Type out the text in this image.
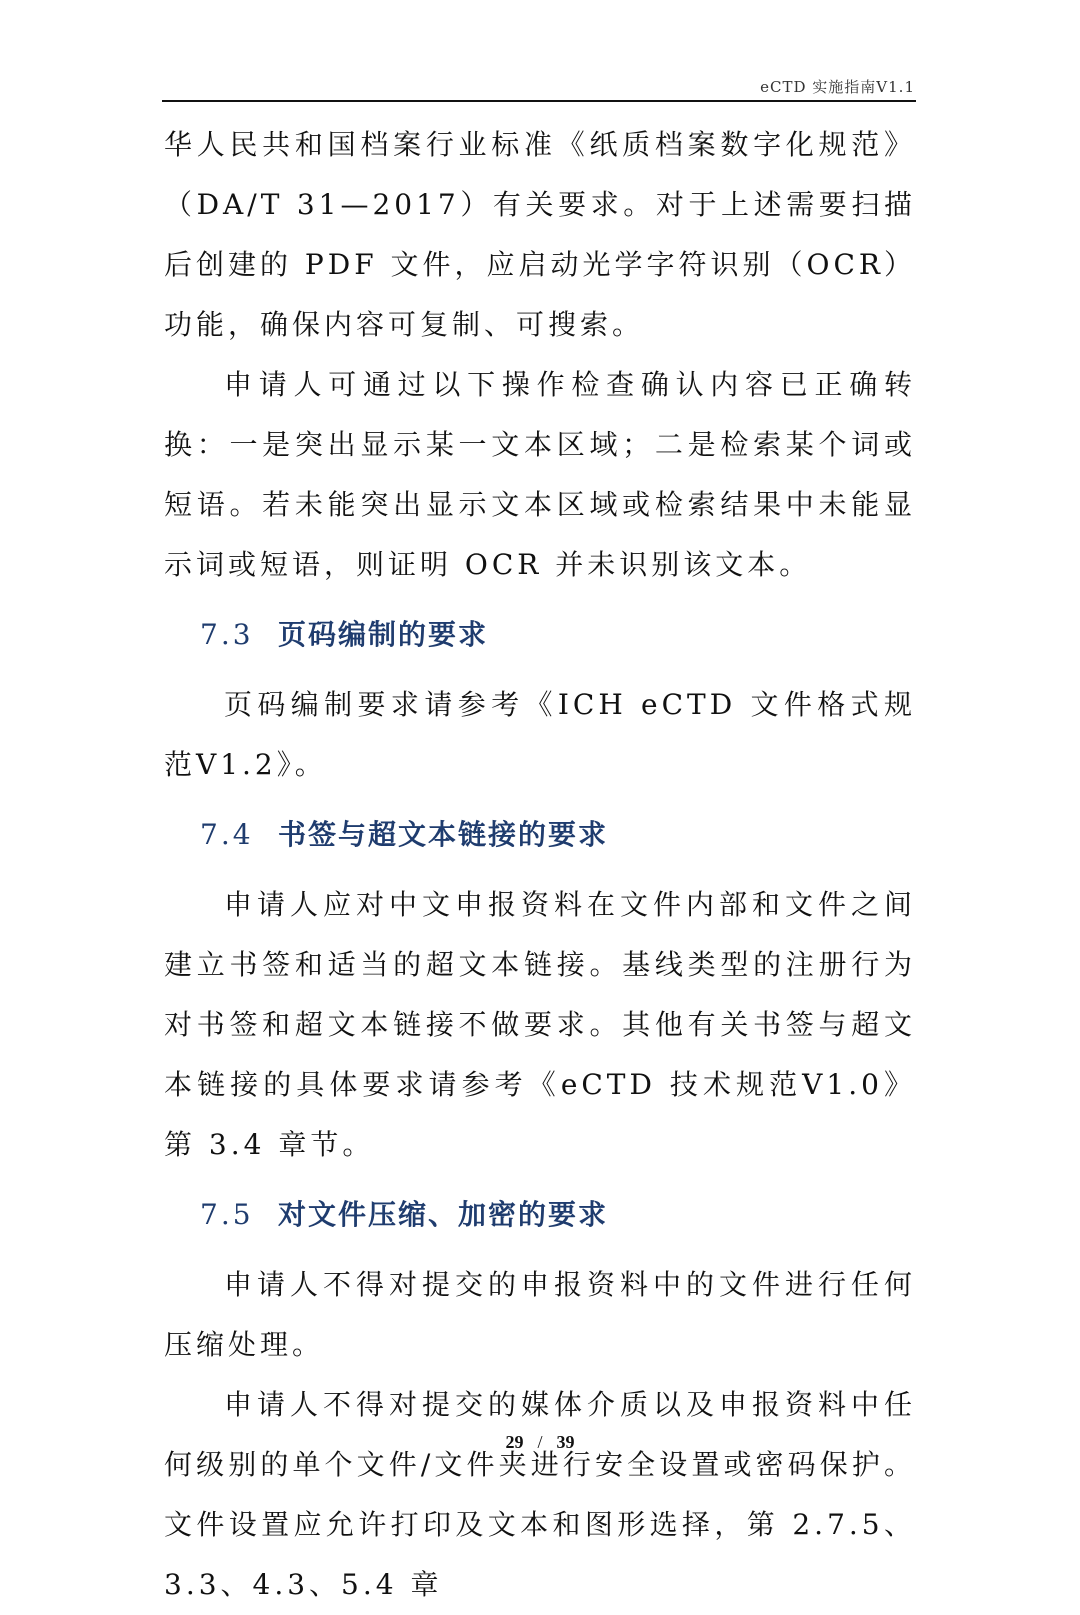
eCTD 实施指南V1.1

华人民共和国档案行业标准《纸质档案数字化规范》（DA/T 31—2017）有关要求。对于上述需要扫描后创建的 PDF 文件，应启动光学字符识别（OCR）功能，确保内容可复制、可搜索。

申请人可通过以下操作检查确认内容已正确转换：一是突出显示某一文本区域；二是检索某个词或短语。若未能突出显示文本区域或检索结果中未能显示词或短语，则证明 OCR 并未识别该文本。

7.3 页码编制的要求

页码编制要求请参考《ICH eCTD 文件格式规范V1.2》。

7.4 书签与超文本链接的要求

申请人应对中文申报资料在文件内部和文件之间建立书签和适当的超文本链接。基线类型的注册行为对书签和超文本链接不做要求。其他有关书签与超文本链接的具体要求请参考《eCTD 技术规范V1.0》第 3.4 章节。

7.5 对文件压缩、加密的要求

申请人不得对提交的申报资料中的文件进行任何压缩处理。

申请人不得对提交的媒体介质以及申报资料中任何级别的单个文件/文件夹进行安全设置或密码保护。文件设置应允许打印及文本和图形选择，第 2.7.5、3.3、4.3、5.4 章

29 / 39
